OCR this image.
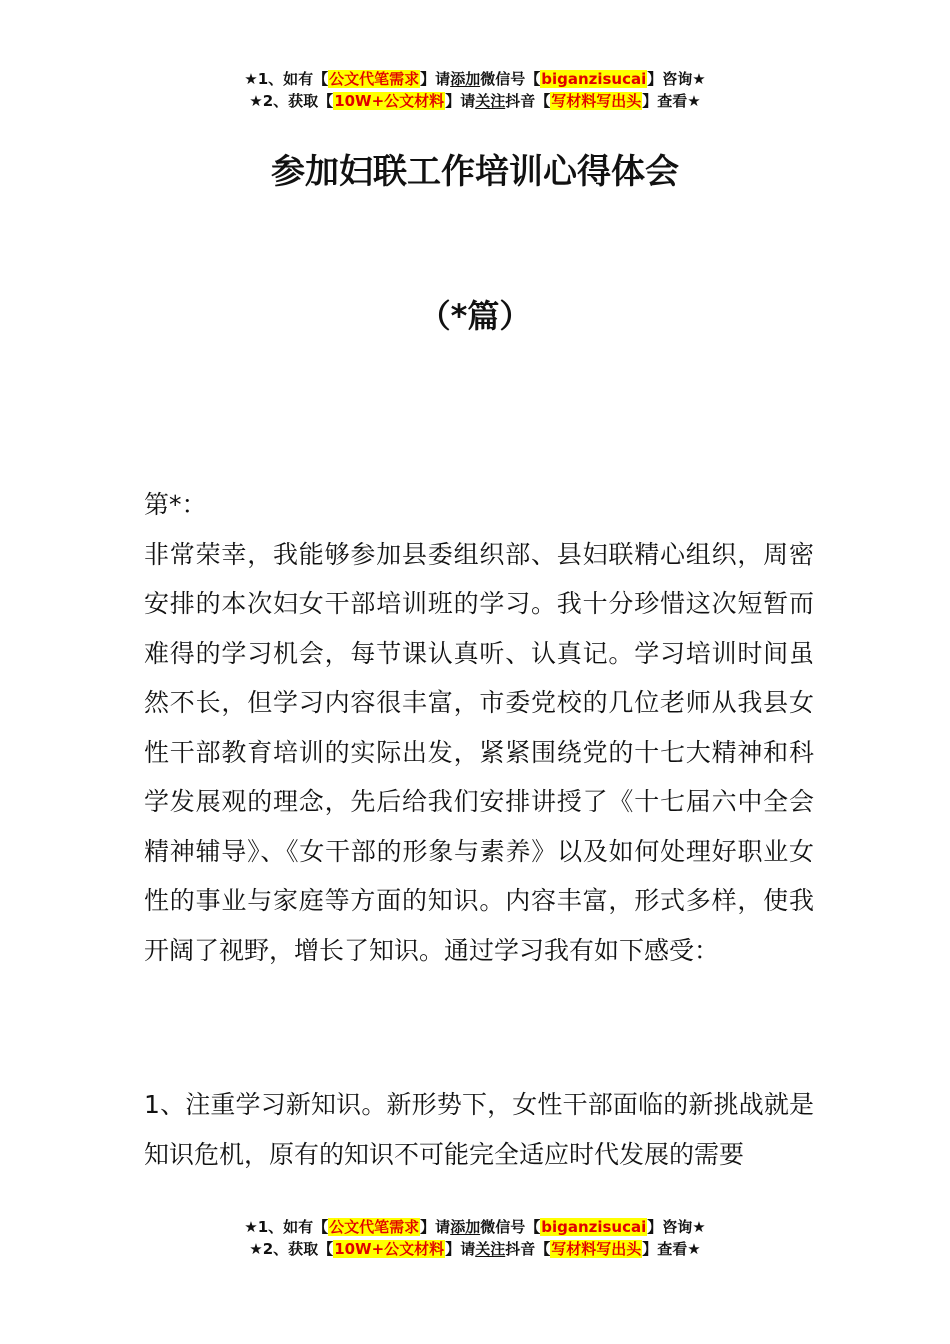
★1、如有【公文代笔需求】请添加微信号【biganzisucai】咨询★
★2、获取【10W+公文材料】请关注抖音【写材料写出头】查看★
参加妇联工作培训心得体会
（*篇）

第*：

非常荣幸，我能够参加县委组织部、县妇联精心组织，周密安排的本次妇女干部培训班的学习。我十分珍惜这次短暂而难得的学习机会，每节课认真听、认真记。学习培训时间虽然不长，但学习内容很丰富，市委党校的几位老师从我县女性干部教育培训的实际出发，紧紧围绕党的十七大精神和科学发展观的理念，先后给我们安排讲授了《十七届六中全会精神辅导》、《女干部的形象与素养》以及如何处理好职业女性的事业与家庭等方面的知识。内容丰富，形式多样，使我开阔了视野，增长了知识。通过学习我有如下感受：

1、注重学习新知识。新形势下，女性干部面临的新挑战就是知识危机，原有的知识不可能完全适应时代发展的需要

★1、如有【公文代笔需求】请添加微信号【biganzisucai】咨询★
★2、获取【10W+公文材料】请关注抖音【写材料写出头】查看★
